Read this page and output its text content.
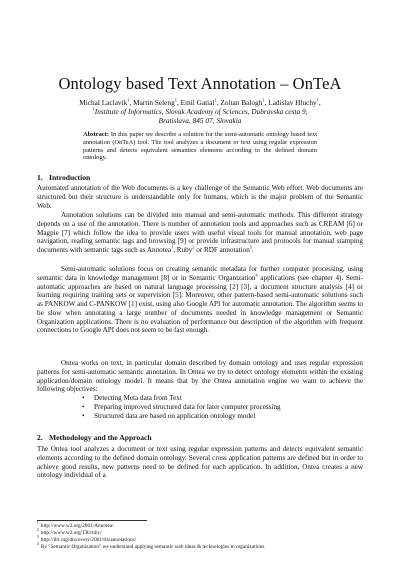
Ontology based Text Annotation – OnTeA
Michal Laclavik$^1$, Martin Seleng$^1$, Emil Gatial$^1$, Zoltan Balogh$^1$, Ladislav Hluchy$^1$,
$^1$Institute of Informatics, Slovak Academy of Sciences, Dubravska cesta 9,
Bratislava, 845 07, Slovakia
Abstract: In this paper we describe a solution for the semi-automatic ontology based text annotation (OnTeA) tool. The tool analyzes a document or text using regular expression patterns and detects equivalent semantics elements according to the defined domain ontology.
1. Introduction
Automated annotation of the Web documents is a key challenge of the Semantic Web effort. Web documents are structured but their structure is understandable only for humans, which is the major problem of the Semantic Web.
Annotation solutions can be divided into manual and semi-automatic methods. This different strategy depends on a use of the annotation. There is number of annotation tools and approaches such as CREAM [6] or Magpie [7] which follow the idea to provide users with useful visual tools for manual annotation, web page navigation, reading semantic tags and browsing [9] or provide infrastructure and protocols for manual stamping documents with semantic tags such as Annotea$^1$, Ruby$^2$ or RDF annotation$^3$.
Semi-automatic solutions focus on creating semantic metadata for further computer processing, using semantic data in knowledge management [8] or in Semantic Organization$^4$ applications (see chapter 4). Semi-automatic approaches are based on natural language processing [2] [3], a document structure analysis [4] or learning requiring training sets or supervision [5]. Moreover, other pattern-based semi-automatic solutions such as PANKOW and C-PANKOW [1] exist, using also Google API for automatic annotation. The algorithm seems to be slow when annotating a large number of documents needed in knowledge management or Semantic Organization applications. There is no evaluation of performance but description of the algorithm with frequent connections to Google API does not seem to be fast enough.
Ontea works on text, in particular domain described by domain ontology and uses regular expression patterns for semi-automatic semantic annotation. In Ontea we try to detect ontology elements within the existing application/domain ontology model. It means that by the Ontea annotation engine we want to achieve the following objectives:
• Detecting Meta data from Text
• Preparing improved structured data for later computer processing
• Structured data are based on application ontology model
2. Methodology and the Approach
The Ontea tool analyzes a document or text using regular expression patterns and detects equivalent semantic elements according to the defined domain ontology. Several cross application patterns are defined but in order to achieve good results, new patterns need to be defined for each application. In addition, Ontea creates a new ontology individual of a
$^1$ http://www.w3.org/2001/Annotea/
$^2$ http://www.w3.org/TR/ruby/
$^3$ http://ilrt.org/discovery/2001/04/annotations/
$^4$ By "Semantic Organization" we understand applying semantic web ideas & technologies in organizations
